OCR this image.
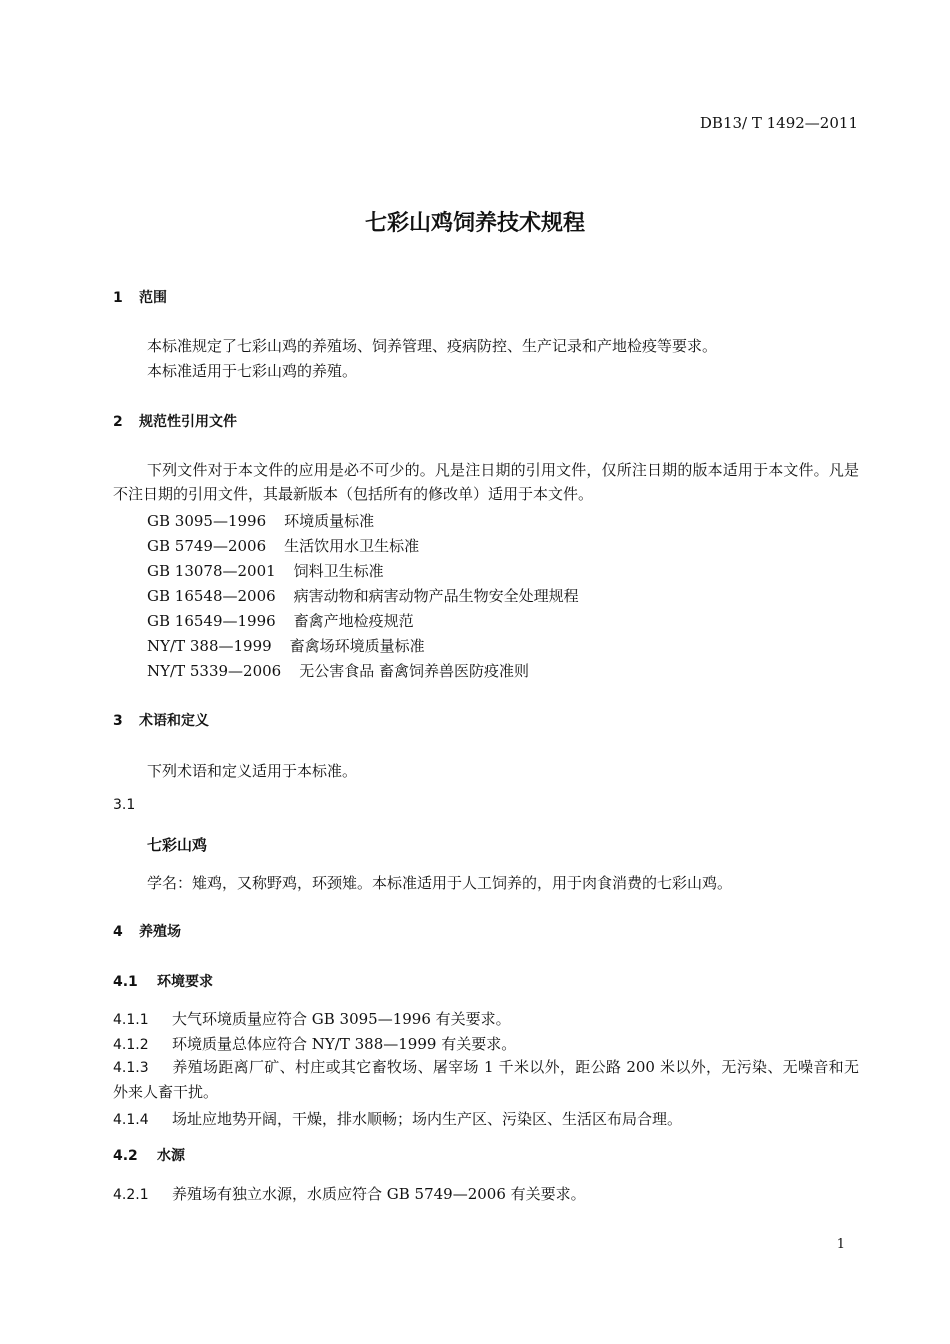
DB13/ T 1492—2011
七彩山鸡饲养技术规程
1 范围
本标准规定了七彩山鸡的养殖场、饲养管理、疫病防控、生产记录和产地检疫等要求。
本标准适用于七彩山鸡的养殖。
2 规范性引用文件
下列文件对于本文件的应用是必不可少的。凡是注日期的引用文件，仅所注日期的版本适用于本文件。凡是不注日期的引用文件，其最新版本（包括所有的修改单）适用于本文件。
GB 3095—1996 环境质量标准
GB 5749—2006 生活饮用水卫生标准
GB 13078—2001 饲料卫生标准
GB 16548—2006 病害动物和病害动物产品生物安全处理规程
GB 16549—1996 畜禽产地检疫规范
NY/T 388—1999 畜禽场环境质量标准
NY/T 5339—2006 无公害食品 畜禽饲养兽医防疫准则
3 术语和定义
下列术语和定义适用于本标准。
3.1
七彩山鸡
学名：雉鸡，又称野鸡，环颈雉。本标准适用于人工饲养的，用于肉食消费的七彩山鸡。
4 养殖场
4.1 环境要求
4.1.1 大气环境质量应符合 GB 3095—1996 有关要求。
4.1.2 环境质量总体应符合 NY/T 388—1999 有关要求。
4.1.3 养殖场距离厂矿、村庄或其它畜牧场、屠宰场 1 千米以外，距公路 200 米以外，无污染、无噪音和无外来人畜干扰。
4.1.4 场址应地势开阔，干燥，排水顺畅；场内生产区、污染区、生活区布局合理。
4.2 水源
4.2.1 养殖场有独立水源，水质应符合 GB 5749—2006 有关要求。
1
